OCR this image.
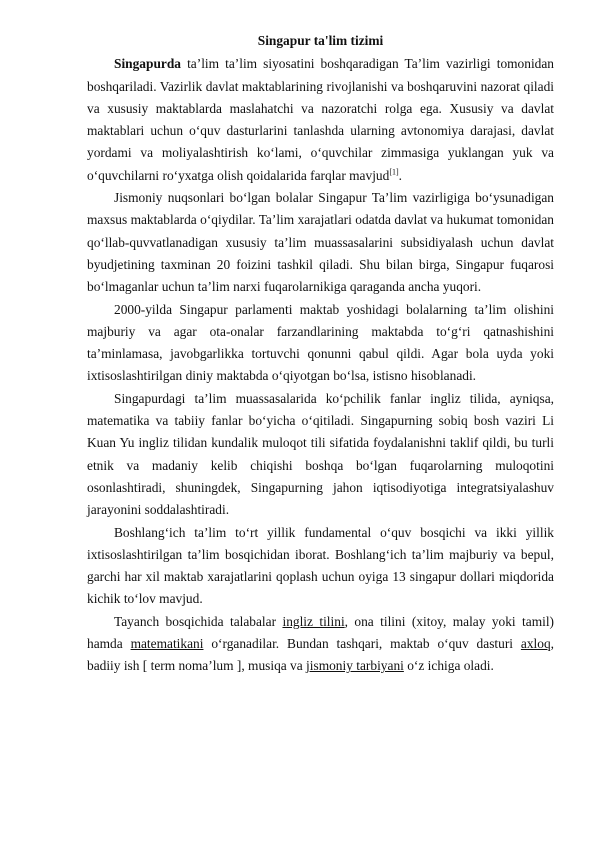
Singapur ta'lim tizimi

Singapurda ta’lim ta’lim siyosatini boshqaradigan Ta’lim vazirligi tomonidan boshqariladi. Vazirlik davlat maktablarining rivojlanishi va boshqaruvini nazorat qiladi va xususiy maktablarda maslahatchi va nazoratchi rolga ega. Xususiy va davlat maktablari uchun o‘quv dasturlarini tanlashda ularning avtonomiya darajasi, davlat yordami va moliyalashtirish ko‘lami, o‘quvchilar zimmasiga yuklangan yuk va o‘quvchilarni ro‘yxatga olish qoidalarida farqlar mavjud[1].

Jismoniy nuqsonlari bo‘lgan bolalar Singapur Ta’lim vazirligiga bo‘ysunadigan maxsus maktablarda o‘qiydilar. Ta’lim xarajatlari odatda davlat va hukumat tomonidan qo‘llab-quvvatlanadigan xususiy ta’lim muassasalarini subsidiyalash uchun davlat byudjetining taxminan 20 foizini tashkil qiladi. Shu bilan birga, Singapur fuqarosi bo‘lmaganlar uchun ta’lim narxi fuqarolarnikiga qaraganda ancha yuqori.

2000-yilda Singapur parlamenti maktab yoshidagi bolalarning ta’lim olishini majburiy va agar ota-onalar farzandlarining maktabda to‘g‘ri qatnashishini ta’minlamasa, javobgarlikka tortuvchi qonunni qabul qildi. Agar bola uyda yoki ixtisoslashtirilgan diniy maktabda o‘qiyotgan bo‘lsa, istisno hisoblanadi.

Singapurdagi ta’lim muassasalarida ko‘pchilik fanlar ingliz tilida, ayniqsa, matematika va tabiiy fanlar bo‘yicha o‘qitiladi. Singapurning sobiq bosh vaziri Li Kuan Yu ingliz tilidan kundalik muloqot tili sifatida foydalanishni taklif qildi, bu turli etnik va madaniy kelib chiqishi boshqa bo‘lgan fuqarolarning muloqotini osonlashtiradi, shuningdek, Singapurning jahon iqtisodiyotiga integratsiyalashuv jarayonini soddalashtiradi.

Boshlang‘ich ta’lim to‘rt yillik fundamental o‘quv bosqichi va ikki yillik ixtisoslashtirilgan ta’lim bosqichidan iborat. Boshlang‘ich ta’lim majburiy va bepul, garchi har xil maktab xarajatlarini qoplash uchun oyiga 13 singapur dollari miqdorida kichik to‘lov mavjud.

Tayanch bosqichida talabalar ingliz tilini, ona tilini (xitoy, malay yoki tamil) hamda matematikani o‘rganadilar. Bundan tashqari, maktab o‘quv dasturi axloq, badiiy ish [ term noma’lum ], musiqa va jismoniy tarbiyani o‘z ichiga oladi.
